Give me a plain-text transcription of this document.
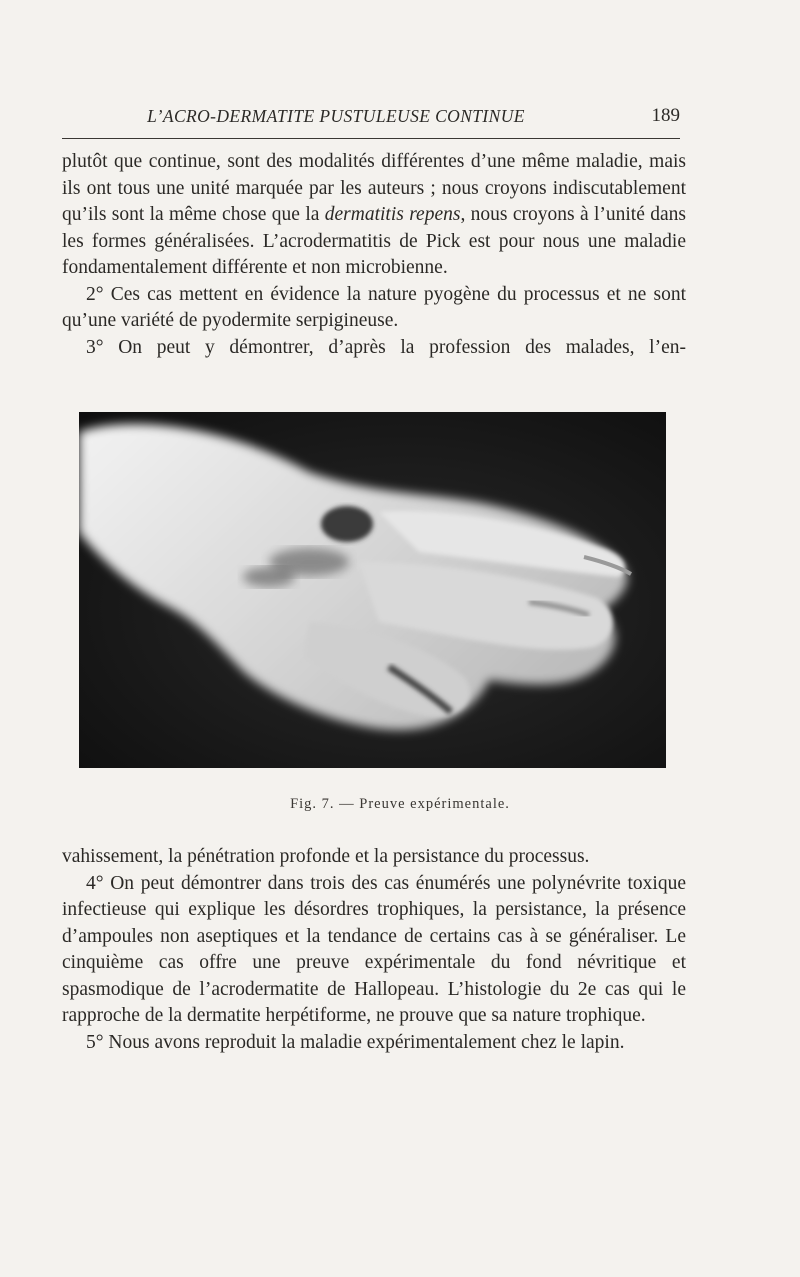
L’ACRO-DERMATITE PUSTULEUSE CONTINUE	189

plutôt que continue, sont des modalités différentes d’une même maladie, mais ils ont tous une unité marquée par les auteurs ; nous croyons indiscutablement qu’ils sont la même chose que la dermatitis repens, nous croyons à l’unité dans les formes généralisées. L’acrodermatitis de Pick est pour nous une maladie fondamentalement différente et non microbienne.

2° Ces cas mettent en évidence la nature pyogène du processus et ne sont qu’une variété de pyodermite serpigineuse.

3° On peut y démontrer, d’après la profession des malades, l’en-

Fig. 7. — Preuve expérimentale.

vahissement, la pénétration profonde et la persistance du processus.

4° On peut démontrer dans trois des cas énumérés une polynévrite toxique infectieuse qui explique les désordres trophiques, la persistance, la présence d’ampoules non aseptiques et la tendance de certains cas à se généraliser. Le cinquième cas offre une preuve expérimentale du fond névritique et spasmodique de l’acrodermatite de Hallopeau. L’histologie du 2e cas qui le rapproche de la dermatite herpétiforme, ne prouve que sa nature trophique.

5° Nous avons reproduit la maladie expérimentalement chez le lapin.
